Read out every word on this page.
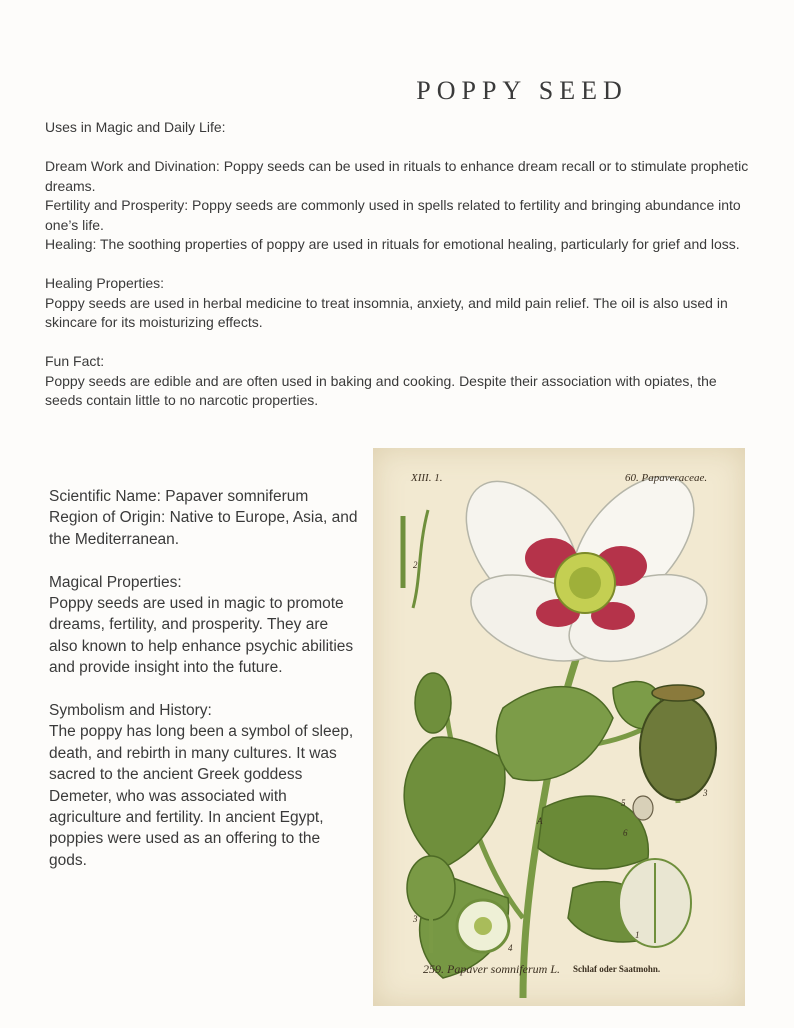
POPPY SEED

Uses in Magic and Daily Life:

Dream Work and Divination: Poppy seeds can be used in rituals to enhance dream recall or to stimulate prophetic dreams.

Fertility and Prosperity: Poppy seeds are commonly used in spells related to fertility and bringing abundance into one’s life.

Healing: The soothing properties of poppy are used in rituals for emotional healing, particularly for grief and loss.

Healing Properties:

Poppy seeds are used in herbal medicine to treat insomnia, anxiety, and mild pain relief. The oil is also used in skincare for its moisturizing effects.

Fun Fact:

Poppy seeds are edible and are often used in baking and cooking. Despite their association with opiates, the seeds contain little to no narcotic properties.

Scientific Name: Papaver somniferum

Region of Origin: Native to Europe, Asia, and the Mediterranean.

Magical Properties:

Poppy seeds are used in magic to promote dreams, fertility, and prosperity. They are also known to help enhance psychic abilities and provide insight into the future.

Symbolism and History:

The poppy has long been a symbol of sleep, death, and rebirth in many cultures. It was sacred to the ancient Greek goddess Demeter, who was associated with agriculture and fertility. In ancient Egypt, poppies were used as an offering to the gods.

XIII. 1.	60. Papaveraceae.
2
A
3
4
5
6
3
1
259. Papaver somniferum L. Schlaf oder Saatmohn.
